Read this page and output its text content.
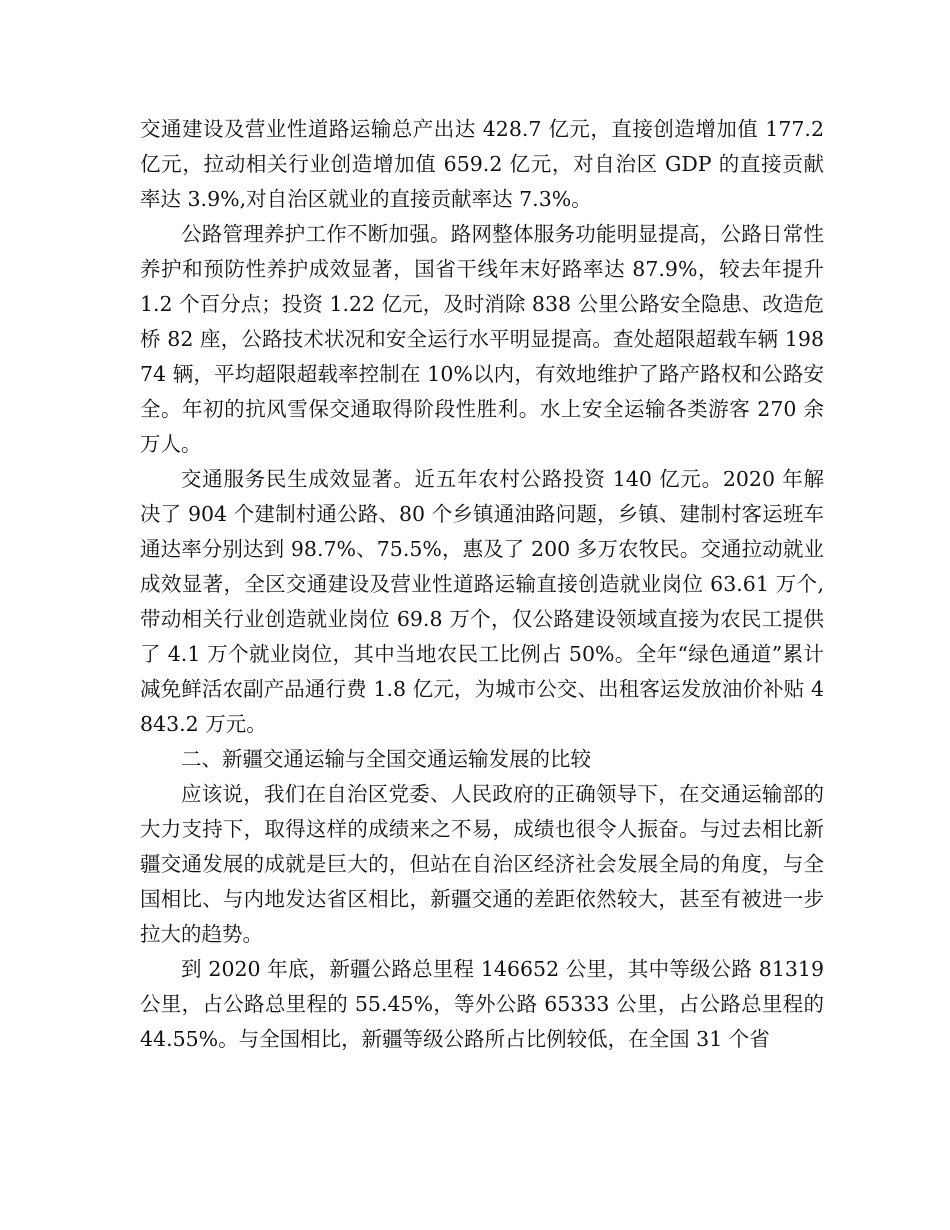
交通建设及营业性道路运输总产出达 428.7 亿元，直接创造增加值 177.2 亿元，拉动相关行业创造增加值 659.2 亿元，对自治区 GDP 的直接贡献率达 3.9%,对自治区就业的直接贡献率达 7.3%。

公路管理养护工作不断加强。路网整体服务功能明显提高，公路日常性养护和预防性养护成效显著，国省干线年末好路率达 87.9%，较去年提升 1.2 个百分点；投资 1.22 亿元，及时消除 838 公里公路安全隐患、改造危桥 82 座，公路技术状况和安全运行水平明显提高。查处超限超载车辆 19874 辆，平均超限超载率控制在 10%以内，有效地维护了路产路权和公路安全。年初的抗风雪保交通取得阶段性胜利。水上安全运输各类游客 270 余万人。

交通服务民生成效显著。近五年农村公路投资 140 亿元。2020 年解决了 904 个建制村通公路、80 个乡镇通油路问题，乡镇、建制村客运班车通达率分别达到 98.7%、75.5%，惠及了 200 多万农牧民。交通拉动就业成效显著，全区交通建设及营业性道路运输直接创造就业岗位 63.61 万个,带动相关行业创造就业岗位 69.8 万个，仅公路建设领域直接为农民工提供了 4.1 万个就业岗位，其中当地农民工比例占 50%。全年“绿色通道”累计减免鲜活农副产品通行费 1.8 亿元，为城市公交、出租客运发放油价补贴 4843.2 万元。

二、新疆交通运输与全国交通运输发展的比较

应该说，我们在自治区党委、人民政府的正确领导下，在交通运输部的大力支持下，取得这样的成绩来之不易，成绩也很令人振奋。与过去相比新疆交通发展的成就是巨大的，但站在自治区经济社会发展全局的角度，与全国相比、与内地发达省区相比，新疆交通的差距依然较大，甚至有被进一步拉大的趋势。

到 2020 年底，新疆公路总里程 146652 公里，其中等级公路 81319 公里，占公路总里程的 55.45%，等外公路 65333 公里，占公路总里程的 44.55%。与全国相比，新疆等级公路所占比例较低，在全国 31 个省
